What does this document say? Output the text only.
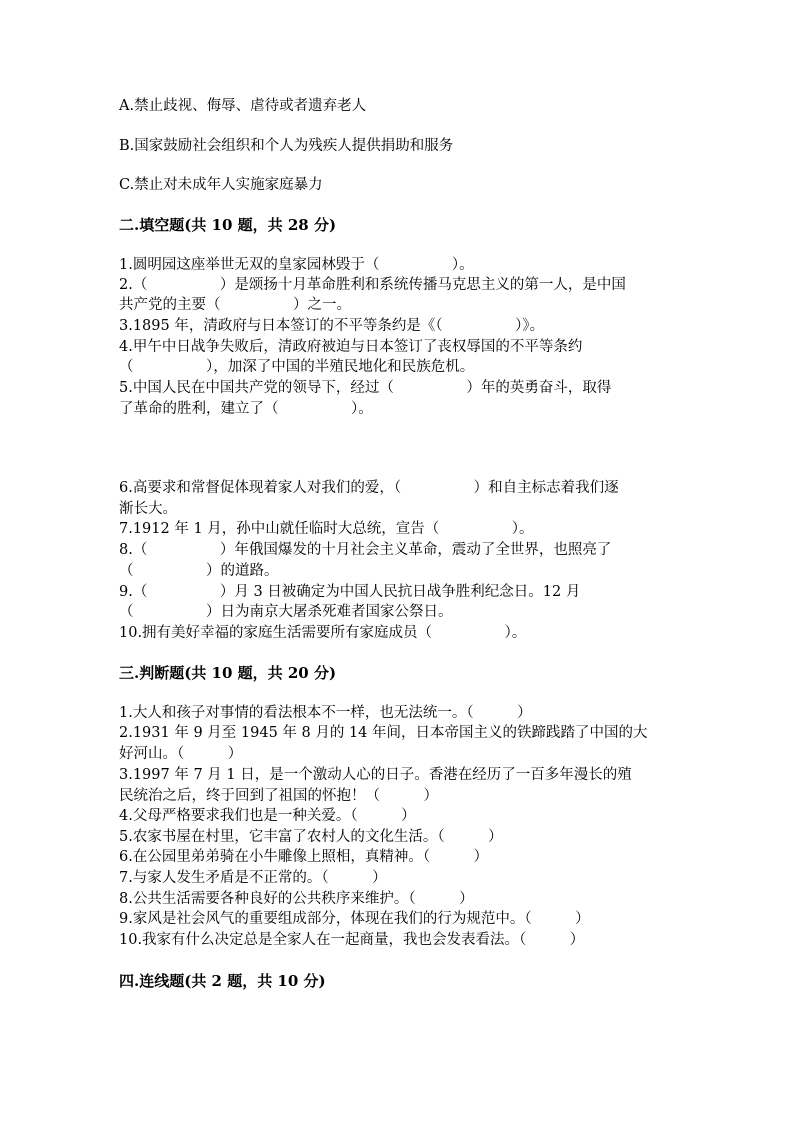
A.禁止歧视、侮辱、虐待或者遗弃老人
B.国家鼓励社会组织和个人为残疾人提供捐助和服务
C.禁止对未成年人实施家庭暴力
二.填空题(共 10 题，共 28 分)
1.圆明园这座举世无双的皇家园林毁于（　　　　　）。
2.（　　　　　）是颂扬十月革命胜利和系统传播马克思主义的第一人，是中国
共产党的主要（　　　　　）之一。
3.1895 年，清政府与日本签订的不平等条约是《（　　　　　）》。
4.甲午中日战争失败后，清政府被迫与日本签订了丧权辱国的不平等条约
（　　　　　），加深了中国的半殖民地化和民族危机。
5.中国人民在中国共产党的领导下，经过（　　　　　）年的英勇奋斗，取得
了革命的胜利，建立了（　　　　　）。
6.高要求和常督促体现着家人对我们的爱，（　　　　　）和自主标志着我们逐
渐长大。
7.1912 年 1 月，孙中山就任临时大总统，宣告（　　　　　）。
8.（　　　　　）年俄国爆发的十月社会主义革命，震动了全世界，也照亮了
（　　　　　）的道路。
9.（　　　　　）月 3 日被确定为中国人民抗日战争胜利纪念日。12 月
（　　　　　）日为南京大屠杀死难者国家公祭日。
10.拥有美好幸福的家庭生活需要所有家庭成员（　　　　　）。
三.判断题(共 10 题，共 20 分)
1.大人和孩子对事情的看法根本不一样，也无法统一。（　　　）
2.1931 年 9 月至 1945 年 8 月的 14 年间，日本帝国主义的铁蹄践踏了中国的大
好河山。（　　　）
3.1997 年 7 月 1 日，是一个激动人心的日子。香港在经历了一百多年漫长的殖
民统治之后，终于回到了祖国的怀抱！（　　　）
4.父母严格要求我们也是一种关爱。（　　　）
5.农家书屋在村里，它丰富了农村人的文化生活。（　　　）
6.在公园里弟弟骑在小牛雕像上照相，真精神。（　　　）
7.与家人发生矛盾是不正常的。（　　　）
8.公共生活需要各种良好的公共秩序来维护。（　　　）
9.家风是社会风气的重要组成部分，体现在我们的行为规范中。（　　　）
10.我家有什么决定总是全家人在一起商量，我也会发表看法。（　　　）
四.连线题(共 2 题，共 10 分)
